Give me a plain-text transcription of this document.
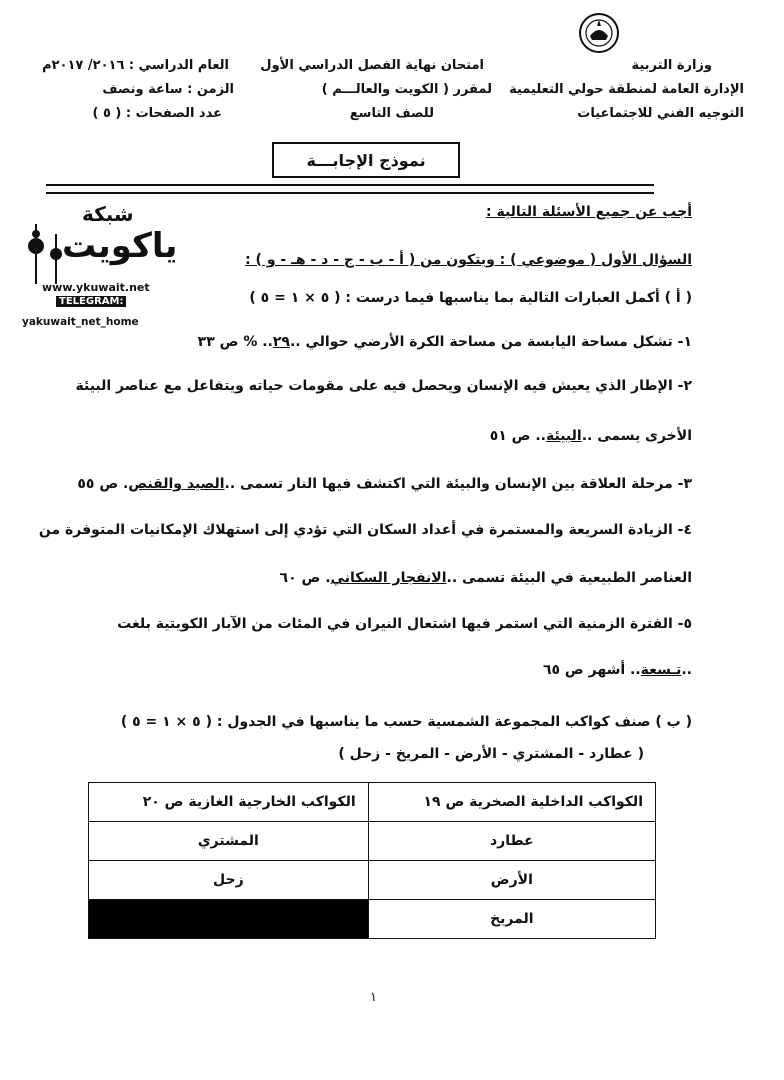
وزارة التربية
الإدارة العامة لمنطقة حولي التعليمية
التوجيه الفني للاجتماعيات
امتحان نهاية الفصل الدراسي الأول
لمقرر ( الكويت والعالـــم )
للصف التاسع
العام الدراسي : ٢٠١٦/ ٢٠١٧م
الزمن : ساعة ونصف
عدد الصفحات : ( ٥ )
نموذج الإجابـــة
شبكة
ياكويت
www.ykuwait.net
TELEGRAM:
yakuwait_net_home
أجب عن جميع الأسئلة التالية :
السؤال الأول ( موضوعي ) : ويتكون من ( أ - ب - ج - د - هـ - و ) :
( أ ) أكمل العبارات التالية بما يناسبها فيما درست : ( ٥ × ١ = ٥ )
١- تشكل مساحة اليابسة من مساحة الكرة الأرضي حوالي ..٢٩.. % ص ٣٣
٢- الإطار الذي يعيش فيه الإنسان ويحصل فيه على مقومات حياته ويتفاعل مع عناصر البيئة
الأخرى يسمى ..البيئة.. ص ٥١
٣- مرحلة العلاقة بين الإنسان والبيئة التي اكتشف فيها النار تسمى ..الصيد والقنص. ص ٥٥
٤- الزيادة السريعة والمستمرة في أعداد السكان التي تؤدي إلى استهلاك الإمكانيات المتوفرة من
العناصر الطبيعية في البيئة تسمى ..الانفجار السكاني. ص ٦٠
٥- الفترة الزمنية التي استمر فيها اشتعال النيران في المئات من الآبار الكويتية بلغت
..تـسعة.. أشهر ص ٦٥
( ب ) صنف كواكب المجموعة الشمسية حسب ما يناسبها في الجدول : ( ٥ × ١ = ٥ )
( عطارد - المشتري - الأرض - المريخ - زحل )
الكواكب الداخلية الصخرية ص ١٩	الكواكب الخارجية الغازية ص ٢٠
عطارد	المشتري
الأرض	زحل
المريخ	
١
